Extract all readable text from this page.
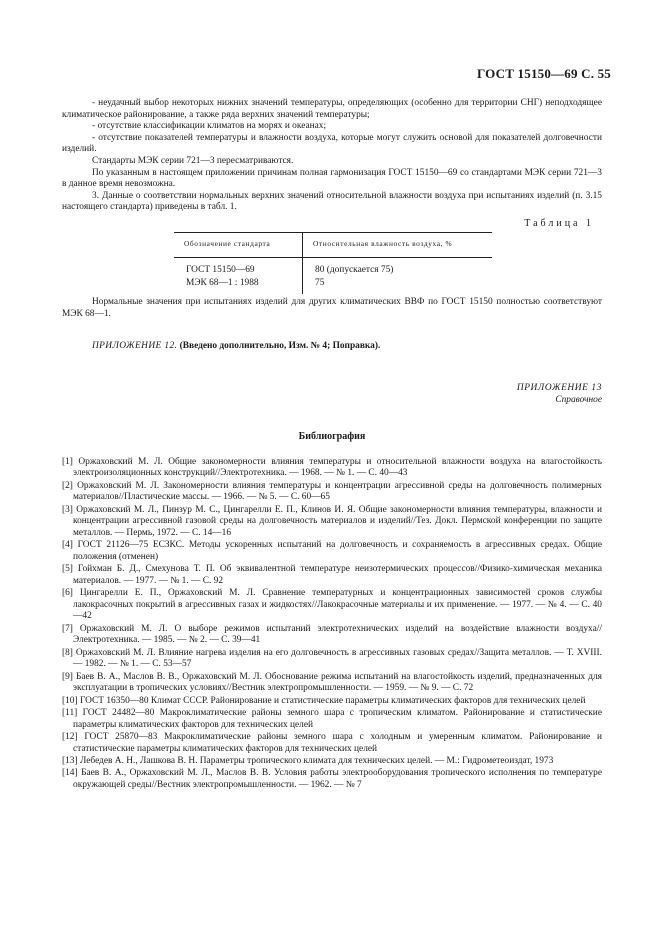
ГОСТ 15150—69 С. 55

- неудачный выбор некоторых нижних значений температуры, определяющих (особенно для территории СНГ) неподходящее климатическое районирование, а также ряда верхних значений температуры;

- отсутствие классификации климатов на морях и океанах;

- отсутствие показателей температуры и влажности воздуха, которые могут служить основой для показателей долговечности изделий.

Стандарты МЭК серии 721—3 пересматриваются.

По указанным в настоящем приложении причинам полная гармонизация ГОСТ 15150—69 со стандартами МЭК серии 721—3 в данное время невозможна.

3. Данные о соответствии нормальных верхних значений относительной влажности воздуха при испытаниях изделий (п. 3.15 настоящего стандарта) приведены в табл. 1.

Таблица 1
Обозначение стандарта	Относительная влажность воздуха, %
ГОСТ 15150—69	80 (допускается 75)
МЭК 68—1 : 1988	75

Нормальные значения при испытаниях изделий для других климатических ВВФ по ГОСТ 15150 полностью соответствуют МЭК 68—1.

ПРИЛОЖЕНИЕ 12. (Введено дополнительно, Изм. № 4; Поправка).

ПРИЛОЖЕНИЕ 13
Справочное
Библиография
[1] Оржаховский М. Л. Общие закономерности влияния температуры и относительной влажности воздуха на влагостойкость электроизоляционных конструкций//Электротехника. — 1968. — № 1. — С. 40—43
[2] Оржаховский М. Л. Закономерности влияния температуры и концентрации агрессивной среды на долговечность полимерных материалов//Пластические массы. — 1966. — № 5. — С. 60—65
[3] Оржаховский М. Л., Пинзур М. С., Цингарелли Е. П., Клинов И. Я. Общие закономерности влияния температуры, влажности и концентрации агрессивной газовой среды на долговечность материалов и изделий//Тез. Докл. Пермской конференции по защите металлов. — Пермь, 1972. — С. 14—16
[4] ГОСТ 21126—75 ЕСЗКС. Методы ускоренных испытаний на долговечность и сохраняемость в агрессивных средах. Общие положения (отменен)
[5] Гойхман Б. Д., Смехунова Т. П. Об эквивалентной температуре неизотермических процессов//Физико-химическая механика материалов. — 1977. — № 1. — С. 92
[6] Цингарелли Е. П., Оржаховский М. Л. Сравнение температурных и концентрационных зависимостей сроков службы лакокрасочных покрытий в агрессивных газах и жидкостях//Лакокрасочные материалы и их применение. — 1977. — № 4. — С. 40—42
[7] Оржаховский М. Л. О выборе режимов испытаний электротехнических изделий на воздействие влажности воздуха//Электротехника. — 1985. — № 2. — С. 39—41
[8] Оржаховский М. Л. Влияние нагрева изделия на его долговечность в агрессивных газовых средах//Защита металлов. — Т. XVIII. — 1982. — № 1. — С. 53—57
[9] Баев В. А., Маслов В. В., Оржаховский М. Л. Обоснование режима испытаний на влагостойкость изделий, предназначенных для эксплуатации в тропических условиях//Вестник электропромышленности. — 1959. — № 9. — С. 72
[10] ГОСТ 16350—80 Климат СССР. Районирование и статистические параметры климатических факторов для технических целей
[11] ГОСТ 24482—80 Макроклиматические районы земного шара с тропическим климатом. Районирование и статистические параметры климатических факторов для технических целей
[12] ГОСТ 25870—83 Макроклиматические районы земного шара с холодным и умеренным климатом. Районирование и статистические параметры климатических факторов для технических целей
[13] Лебедев А. Н., Лашкова В. Н. Параметры тропического климата для технических целей. — М.: Гидрометеоиздат, 1973
[14] Баев В. А., Оржаховский М. Л., Маслов В. В. Условия работы электрооборудования тропического исполнения по температуре окружающей среды//Вестник электропромышленности. — 1962. — № 7
